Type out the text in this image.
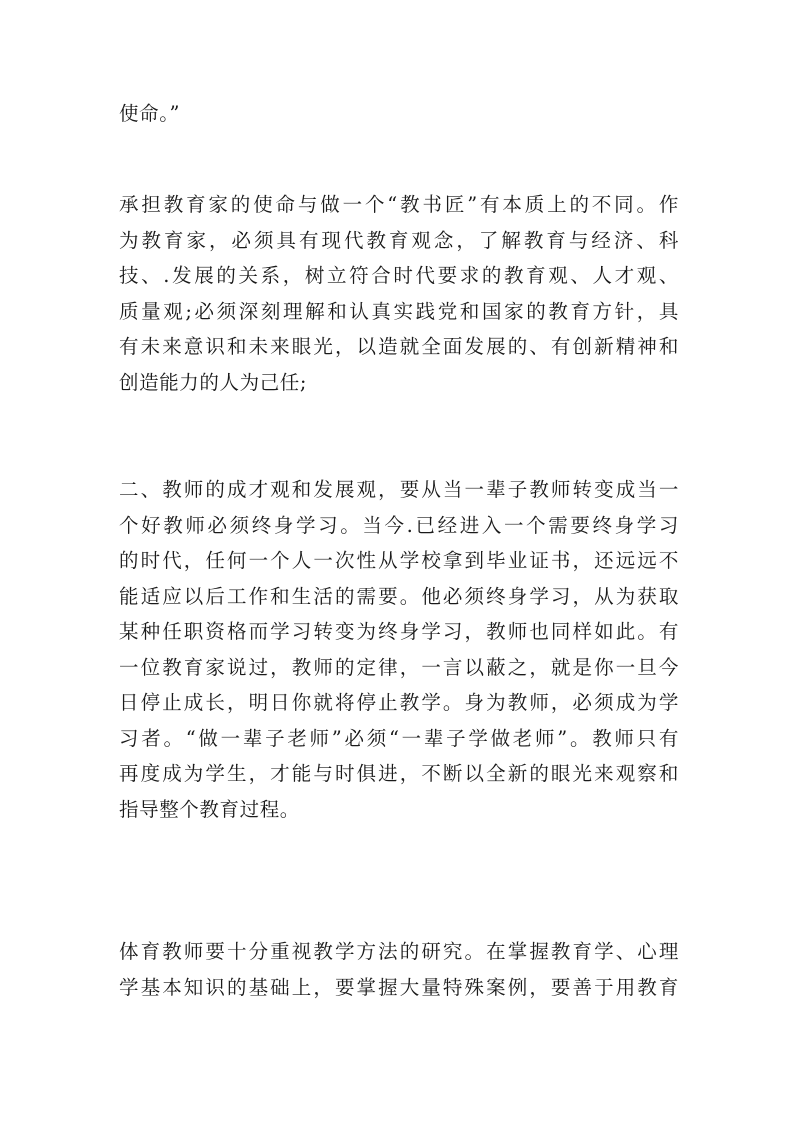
使命。”

承担教育家的使命与做一个“教书匠”有本质上的不同。作
为教育家，必须具有现代教育观念，了解教育与经济、科
技、.发展的关系，树立符合时代要求的教育观、人才观、
质量观;必须深刻理解和认真实践党和国家的教育方针，具
有未来意识和未来眼光，以造就全面发展的、有创新精神和
创造能力的人为己任;

二、教师的成才观和发展观，要从当一辈子教师转变成当一
个好教师必须终身学习。当今.已经进入一个需要终身学习
的时代，任何一个人一次性从学校拿到毕业证书，还远远不
能适应以后工作和生活的需要。他必须终身学习，从为获取
某种任职资格而学习转变为终身学习，教师也同样如此。有
一位教育家说过，教师的定律，一言以蔽之，就是你一旦今
日停止成长，明日你就将停止教学。身为教师，必须成为学
习者。“做一辈子老师”必须“一辈子学做老师”。教师只有
再度成为学生，才能与时俱进，不断以全新的眼光来观察和
指导整个教育过程。

体育教师要十分重视教学方法的研究。在掌握教育学、心理
学基本知识的基础上，要掌握大量特殊案例，要善于用教育
